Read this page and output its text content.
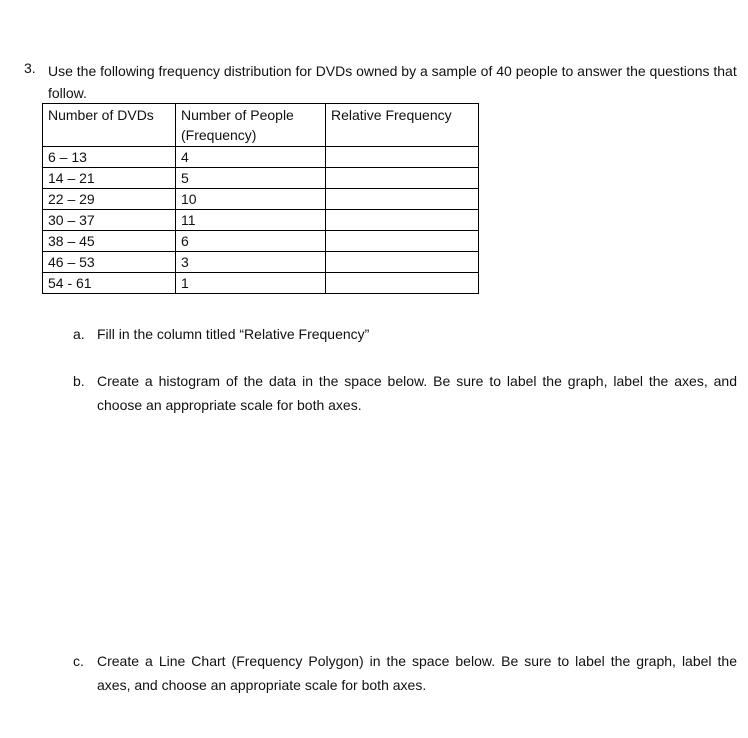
3. Use the following frequency distribution for DVDs owned by a sample of 40 people to answer the questions that follow.
Number of DVDs	Number of People (Frequency)	Relative Frequency
6 – 13	4	
14 – 21	5	
22 – 29	10	
30 – 37	11	
38 – 45	6	
46 – 53	3	
54 - 61	1	
a. Fill in the column titled “Relative Frequency”
b. Create a histogram of the data in the space below. Be sure to label the graph, label the axes, and choose an appropriate scale for both axes.
c. Create a Line Chart (Frequency Polygon) in the space below. Be sure to label the graph, label the axes, and choose an appropriate scale for both axes.
